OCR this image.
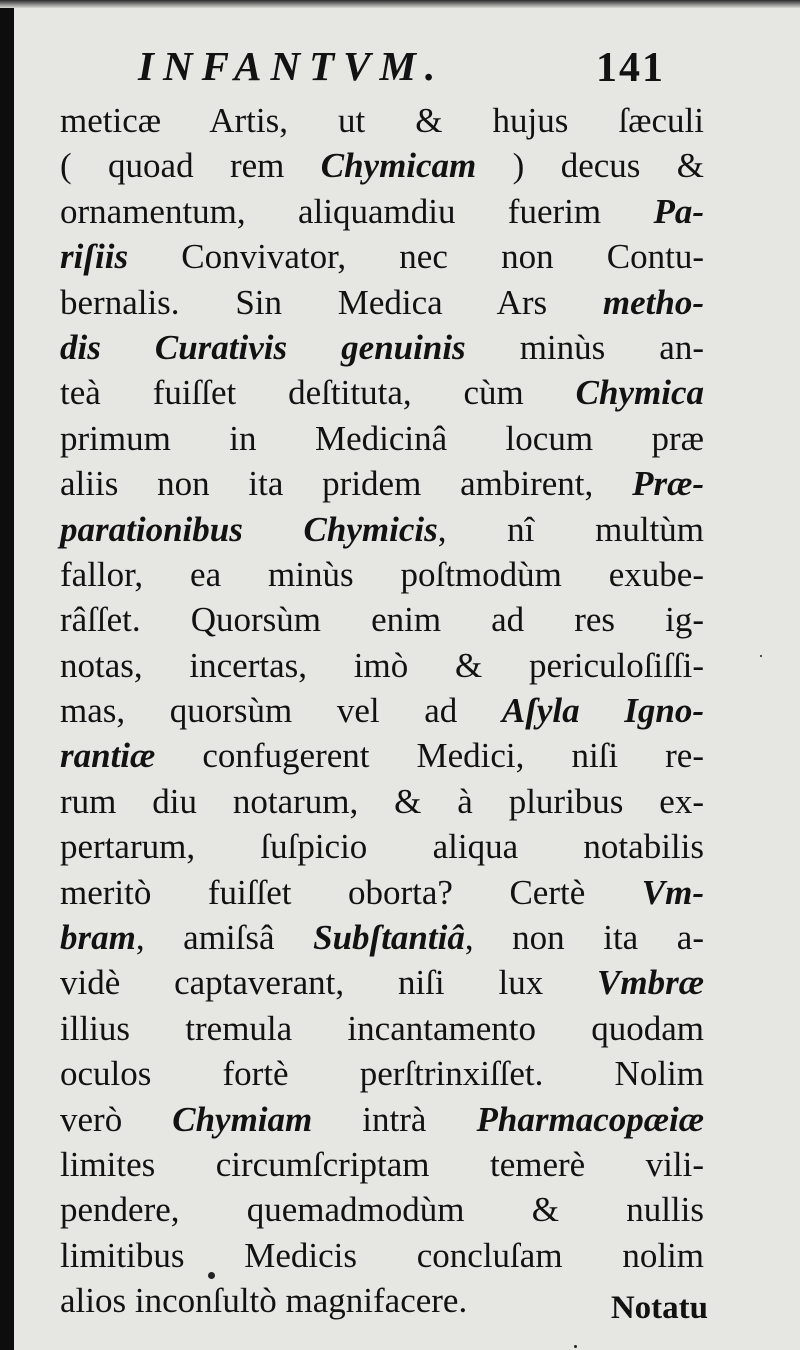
INFANTVM.	141
meticæ Artis, ut & hujus ſæculi
( quoad rem Chymicam ) decus &
ornamentum, aliquamdiu fuerim Pa-
riſiis Convivator, nec non Contu-
bernalis. Sin Medica Ars metho-
dis Curativis genuinis minùs an-
teà fuiſſet deſtituta, cùm Chymica
primum in Medicinâ locum præ
aliis non ita pridem ambirent, Præ-
parationibus Chymicis, nî multùm
fallor, ea minùs poſtmodùm exube-
râſſet. Quorsùm enim ad res ig-
notas, incertas, imò & periculoſiſſi-
mas, quorsùm vel ad Aſyla Igno-
rantiæ confugerent Medici, niſi re-
rum diu notarum, & à pluribus ex-
pertarum, ſuſpicio aliqua notabilis
meritò fuiſſet oborta? Certè Vm-
bram, amiſsâ Subſtantiâ, non ita a-
vidè captaverant, niſi lux Vmbræ
illius tremula incantamento quodam
oculos fortè perſtrinxiſſet. Nolim
verò Chymiam intrà Pharmacopæiæ
limites circumſcriptam temerè vili-
pendere, quemadmodùm & nullis
limitibus Medicis concluſam nolim
alios inconſultò magnifacere.	Notatu
